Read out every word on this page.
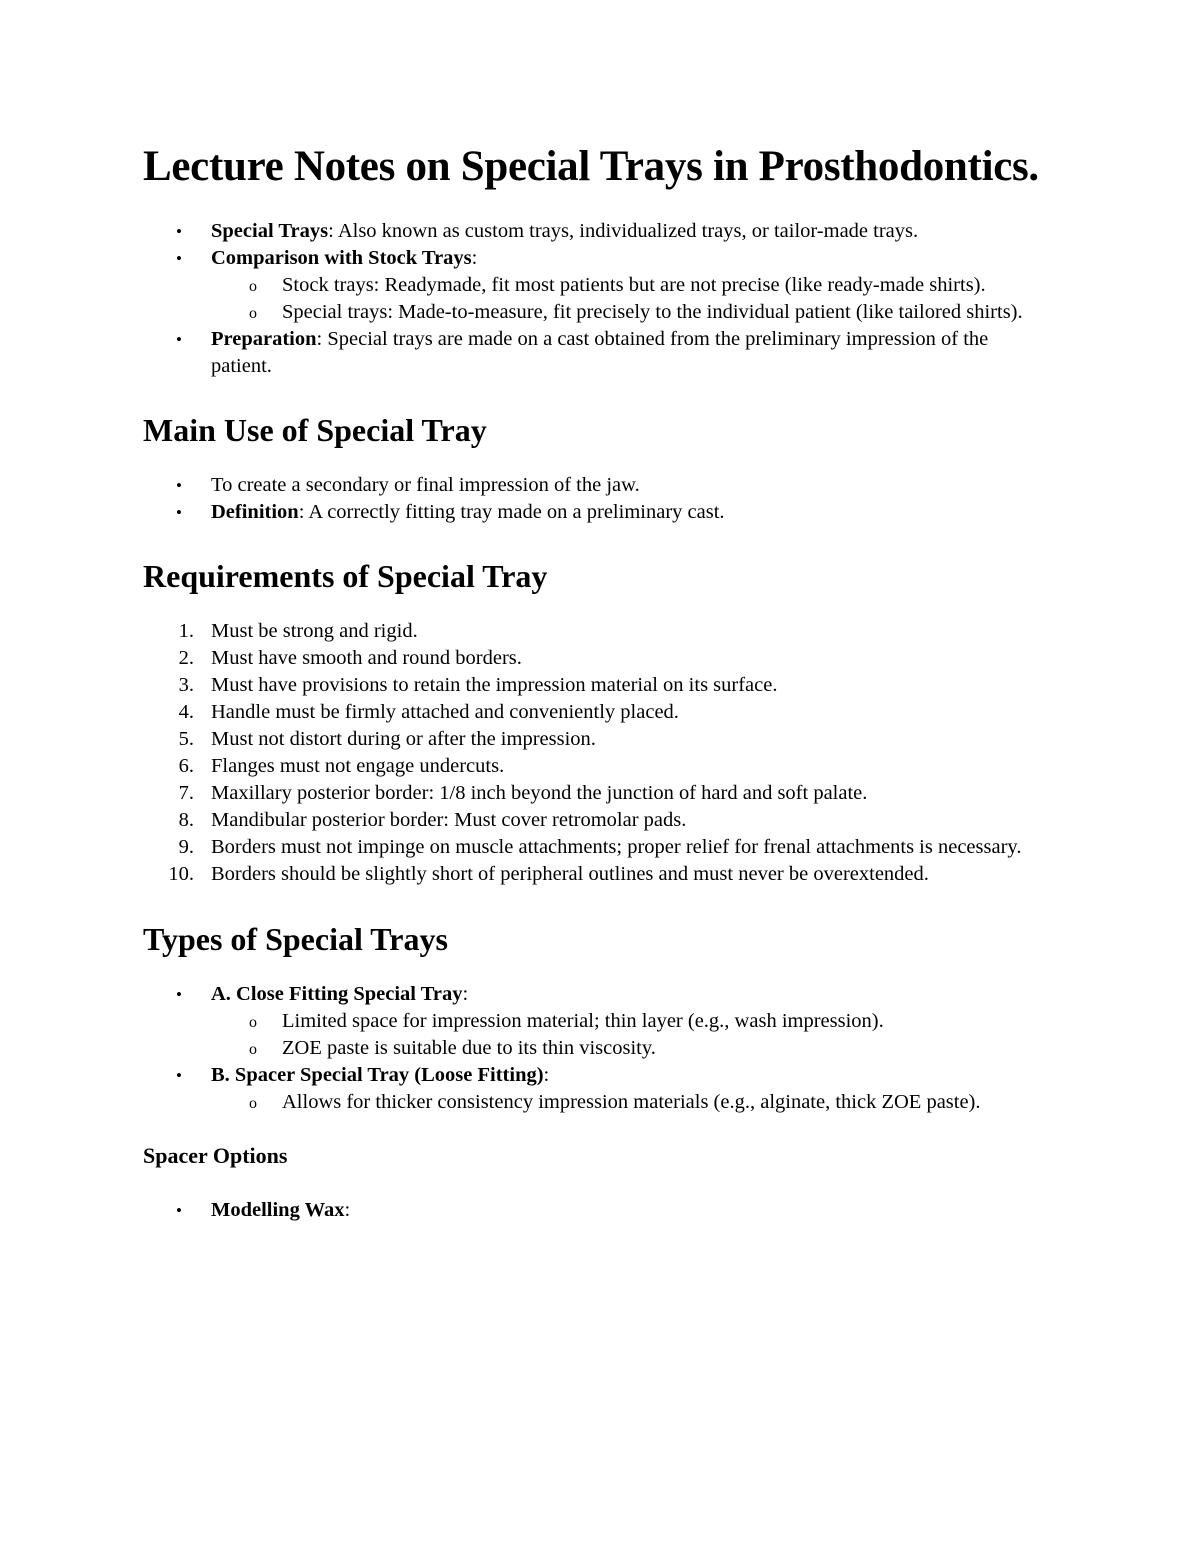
Lecture Notes on Special Trays in Prosthodontics.
• Special Trays: Also known as custom trays, individualized trays, or tailor-made trays.
• Comparison with Stock Trays:
o Stock trays: Readymade, fit most patients but are not precise (like ready-made shirts).
o Special trays: Made-to-measure, fit precisely to the individual patient (like tailored shirts).
• Preparation: Special trays are made on a cast obtained from the preliminary impression of the patient.
Main Use of Special Tray
• To create a secondary or final impression of the jaw.
• Definition: A correctly fitting tray made on a preliminary cast.
Requirements of Special Tray
1. Must be strong and rigid.
2. Must have smooth and round borders.
3. Must have provisions to retain the impression material on its surface.
4. Handle must be firmly attached and conveniently placed.
5. Must not distort during or after the impression.
6. Flanges must not engage undercuts.
7. Maxillary posterior border: 1/8 inch beyond the junction of hard and soft palate.
8. Mandibular posterior border: Must cover retromolar pads.
9. Borders must not impinge on muscle attachments; proper relief for frenal attachments is necessary.
10. Borders should be slightly short of peripheral outlines and must never be overextended.
Types of Special Trays
• A. Close Fitting Special Tray:
o Limited space for impression material; thin layer (e.g., wash impression).
o ZOE paste is suitable due to its thin viscosity.
• B. Spacer Special Tray (Loose Fitting):
o Allows for thicker consistency impression materials (e.g., alginate, thick ZOE paste).
Spacer Options
• Modelling Wax:
